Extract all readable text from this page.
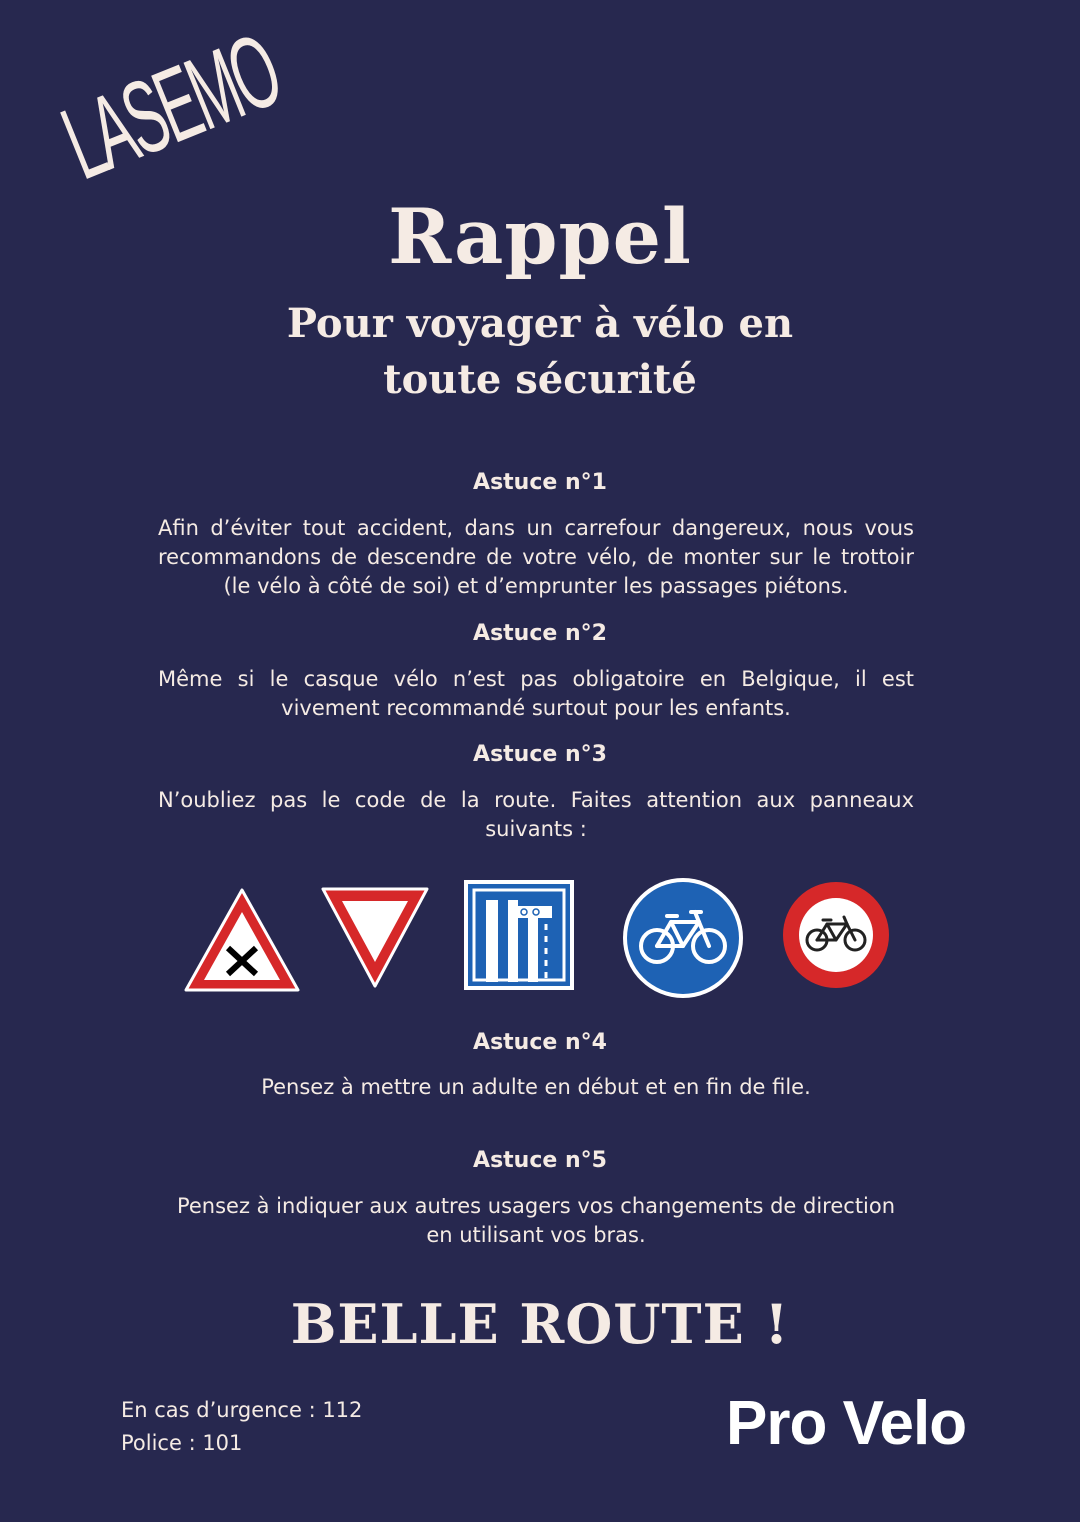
LASEMO
Rappel
Pour voyager à vélo en
toute sécurité
Astuce n°1

Afin d’éviter tout accident, dans un carrefour dangereux, nous vous recommandons de descendre de votre vélo, de monter sur le trottoir (le vélo à côté de soi) et d’emprunter les passages piétons.

Astuce n°2

Même si le casque vélo n’est pas obligatoire en Belgique, il est vivement recommandé surtout pour les enfants.

Astuce n°3

N’oubliez pas le code de la route. Faites attention aux panneaux suivants :

Astuce n°4

Pensez à mettre un adulte en début et en fin de file.

Astuce n°5

Pensez à indiquer aux autres usagers vos changements de direction en utilisant vos bras.

BELLE ROUTE !
En cas d’urgence : 112
Police : 101	Pro Velo
